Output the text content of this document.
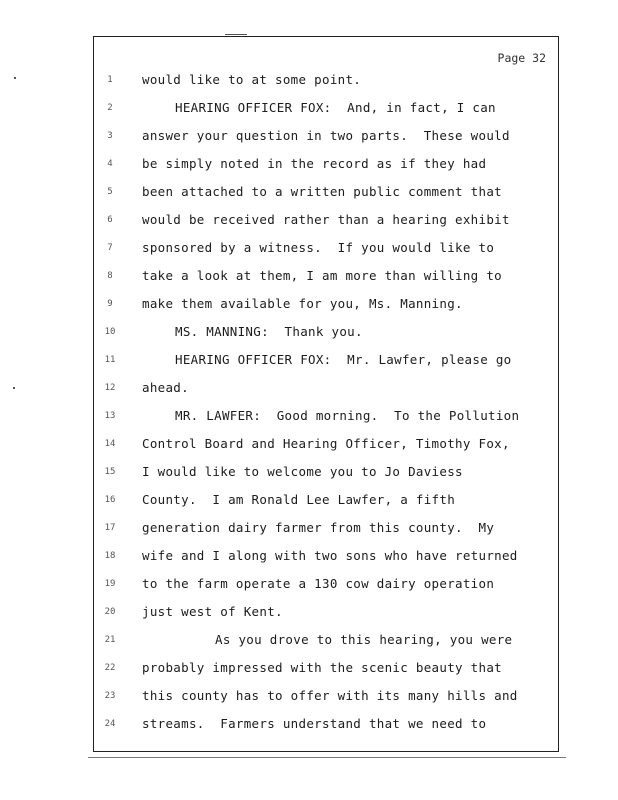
Page 32
1	would like to at some point.
2	HEARING OFFICER FOX:  And, in fact, I can
3	answer your question in two parts.  These would
4	be simply noted in the record as if they had
5	been attached to a written public comment that
6	would be received rather than a hearing exhibit
7	sponsored by a witness.  If you would like to
8	take a look at them, I am more than willing to
9	make them available for you, Ms. Manning.
10	MS. MANNING:  Thank you.
11	HEARING OFFICER FOX:  Mr. Lawfer, please go
12 ahead.
13	MR. LAWFER:  Good morning.  To the Pollution
14 Control Board and Hearing Officer, Timothy Fox,
15 I would like to welcome you to Jo Daviess
16 County.  I am Ronald Lee Lawfer, a fifth
17 generation dairy farmer from this county.  My
18 wife and I along with two sons who have returned
19 to the farm operate a 130 cow dairy operation
20 just west of Kent.
21	As you drove to this hearing, you were
22 probably impressed with the scenic beauty that
23 this county has to offer with its many hills and
24 streams.  Farmers understand that we need to
